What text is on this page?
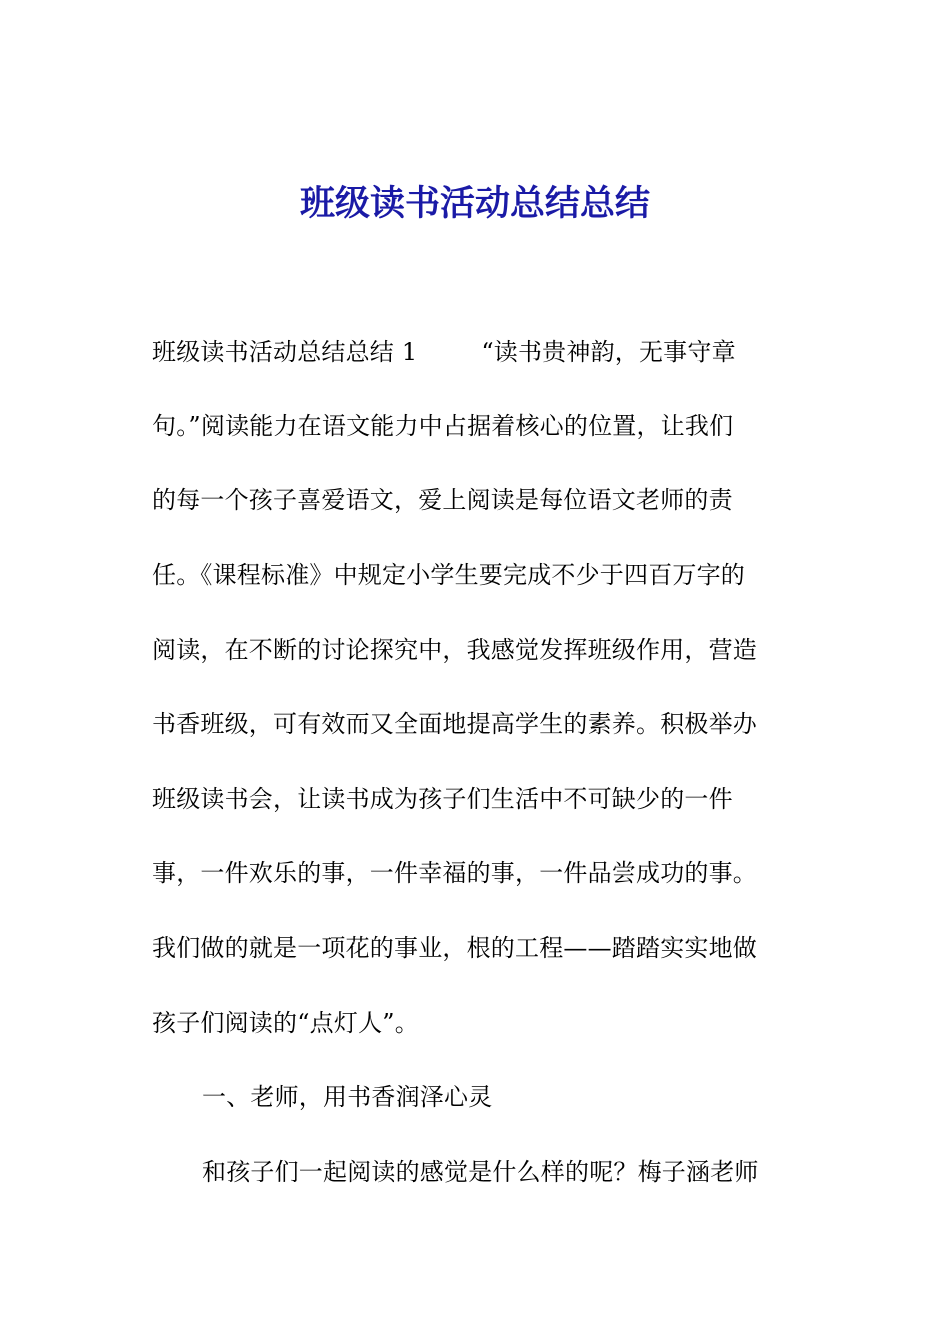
班级读书活动总结总结
班级读书活动总结总结 1	“读书贵神韵，无事守章
句。”阅读能力在语文能力中占据着核心的位置，让我们
的每一个孩子喜爱语文，爱上阅读是每位语文老师的责
任。《课程标准》中规定小学生要完成不少于四百万字的
阅读，在不断的讨论探究中，我感觉发挥班级作用，营造
书香班级，可有效而又全面地提高学生的素养。积极举办
班级读书会，让读书成为孩子们生活中不可缺少的一件
事，一件欢乐的事，一件幸福的事，一件品尝成功的事。
我们做的就是一项花的事业，根的工程——踏踏实实地做
孩子们阅读的“点灯人”。
一、老师，用书香润泽心灵
和孩子们一起阅读的感觉是什么样的呢？梅子涵老师
